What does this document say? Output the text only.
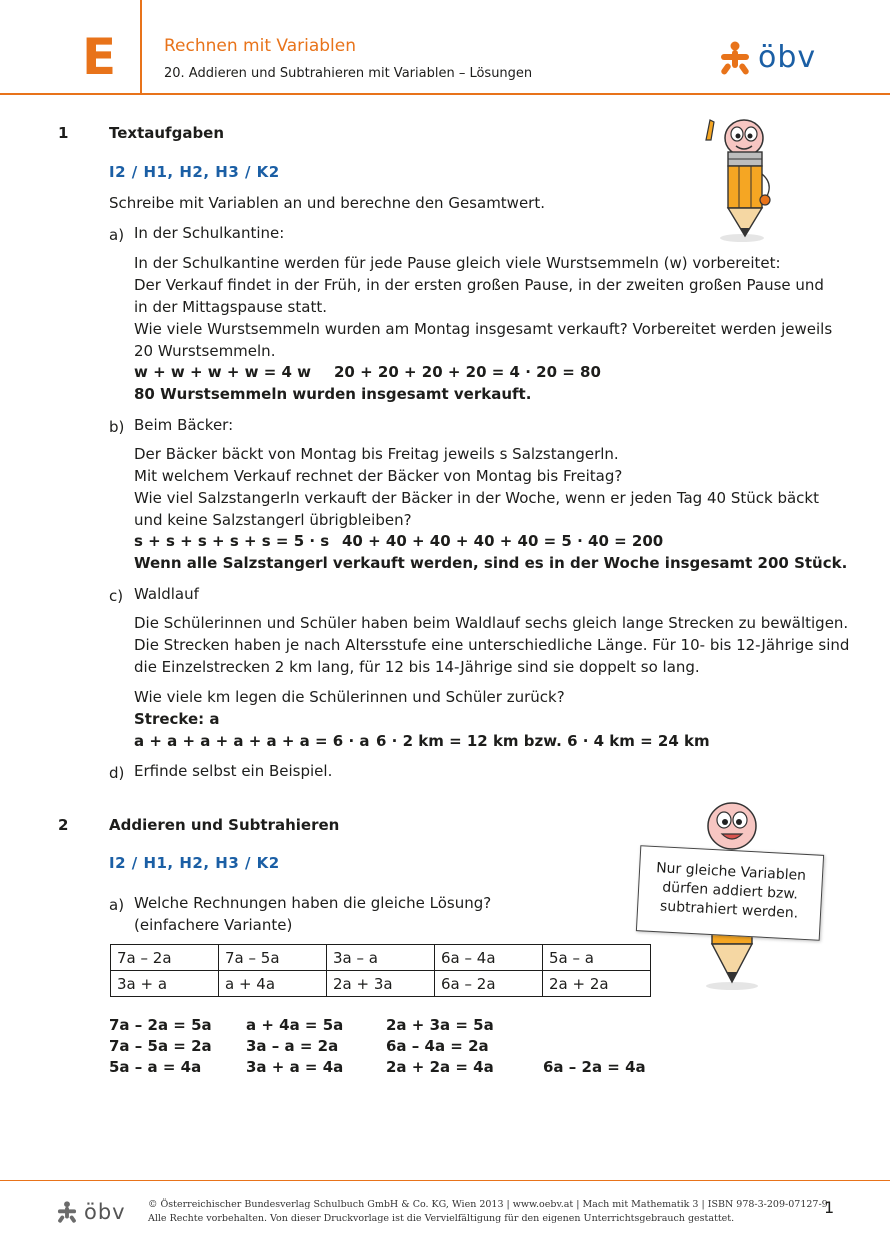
E	Rechnen mit Variablen
20. Addieren und Subtrahieren mit Variablen – Lösungen	öbv
1	Textaufgaben
I2 / H1, H2, H3 / K2
Schreibe mit Variablen an und berechne den Gesamtwert.
a) In der Schulkantine:
In der Schulkantine werden für jede Pause gleich viele Wurstsemmeln (w) vorbereitet:
Der Verkauf findet in der Früh, in der ersten großen Pause, in der zweiten großen Pause und
in der Mittagspause statt.
Wie viele Wurstsemmeln wurden am Montag insgesamt verkauft? Vorbereitet werden jeweils
20 Wurstsemmeln.
w + w + w + w = 4 w 20 + 20 + 20 + 20 = 4 · 20 = 80
80 Wurstsemmeln wurden insgesamt verkauft.
b) Beim Bäcker:
Der Bäcker bäckt von Montag bis Freitag jeweils s Salzstangerln.
Mit welchem Verkauf rechnet der Bäcker von Montag bis Freitag?
Wie viel Salzstangerln verkauft der Bäcker in der Woche, wenn er jeden Tag 40 Stück bäckt
und keine Salzstangerl übrigbleiben?
s + s + s + s + s = 5 · s 40 + 40 + 40 + 40 + 40 = 5 · 40 = 200
Wenn alle Salzstangerl verkauft werden, sind es in der Woche insgesamt 200 Stück.
c) Waldlauf
Die Schülerinnen und Schüler haben beim Waldlauf sechs gleich lange Strecken zu bewältigen.
Die Strecken haben je nach Altersstufe eine unterschiedliche Länge. Für 10- bis 12-Jährige sind
die Einzelstrecken 2 km lang, für 12 bis 14-Jährige sind sie doppelt so lang.
Wie viele km legen die Schülerinnen und Schüler zurück?
Strecke: a
a + a + a + a + a + a = 6 · a 6 · 2 km = 12 km bzw. 6 · 4 km = 24 km
d) Erfinde selbst ein Beispiel.
2	Addieren und Subtrahieren
I2 / H1, H2, H3 / K2
a) Welche Rechnungen haben die gleiche Lösung?
(einfachere Variante)
7a – 2a	7a – 5a	3a – a	6a – 4a	5a – a
3a + a	a + 4a	2a + 3a	6a – 2a	2a + 2a
7a – 2a = 5a a + 4a = 5a	2a + 3a = 5a
7a – 5a = 2a 3a – a = 2a	6a – 4a = 2a
5a – a = 4a	3a + a = 4a	2a + 2a = 4a	6a – 2a = 4a
Nur gleiche Variablen
dürfen addiert bzw.
subtrahiert werden.
öbv © Österreichischer Bundesverlag Schulbuch GmbH & Co. KG, Wien 2013 | www.oebv.at | Mach mit Mathematik 3 | ISBN 978-3-209-07127-9
Alle Rechte vorbehalten. Von dieser Druckvorlage ist die Vervielfältigung für den eigenen Unterrichtsgebrauch gestattet.
1
